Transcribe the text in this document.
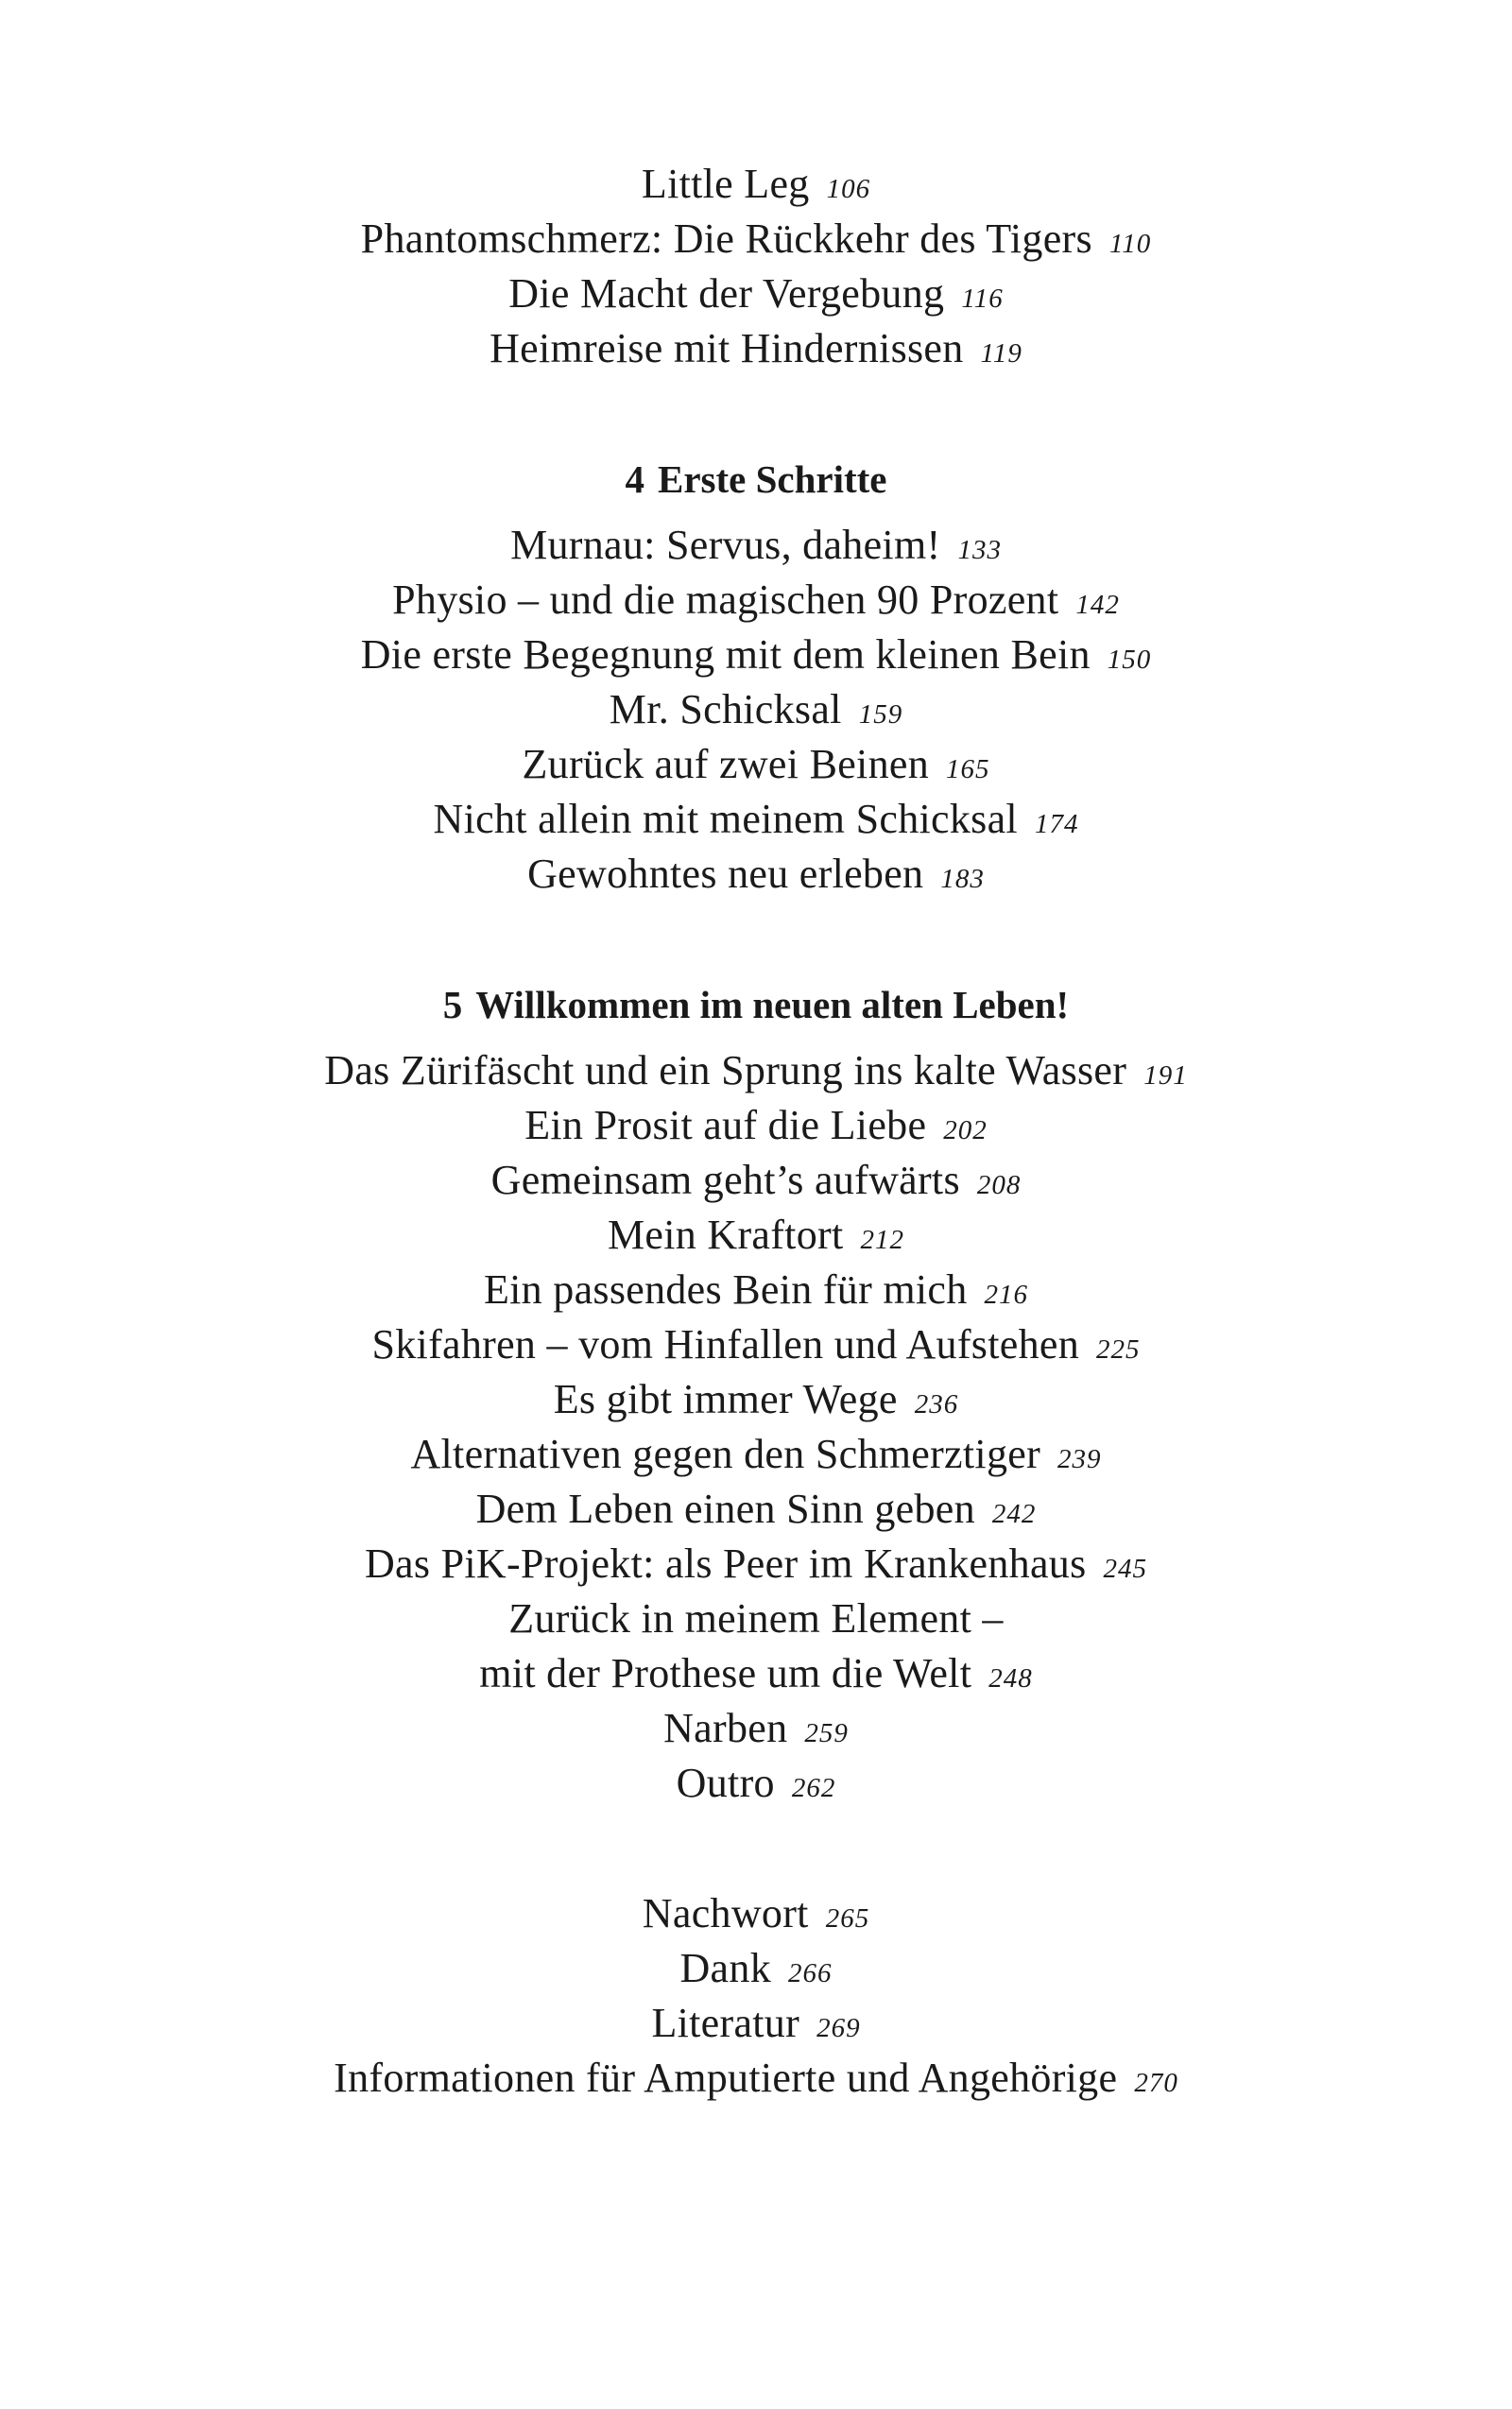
Little Leg 106
Phantomschmerz: Die Rückkehr des Tigers 110
Die Macht der Vergebung 116
Heimreise mit Hindernissen 119
4 Erste Schritte
Murnau: Servus, daheim! 133
Physio – und die magischen 90 Prozent 142
Die erste Begegnung mit dem kleinen Bein 150
Mr. Schicksal 159
Zurück auf zwei Beinen 165
Nicht allein mit meinem Schicksal 174
Gewohntes neu erleben 183
5 Willkommen im neuen alten Leben!
Das Zürifäscht und ein Sprung ins kalte Wasser 191
Ein Prosit auf die Liebe 202
Gemeinsam geht’s aufwärts 208
Mein Kraftort 212
Ein passendes Bein für mich 216
Skifahren – vom Hinfallen und Aufstehen 225
Es gibt immer Wege 236
Alternativen gegen den Schmerztiger 239
Dem Leben einen Sinn geben 242
Das PiK-Projekt: als Peer im Krankenhaus 245
Zurück in meinem Element –
mit der Prothese um die Welt 248
Narben 259
Outro 262
Nachwort 265
Dank 266
Literatur 269
Informationen für Amputierte und Angehörige 270
